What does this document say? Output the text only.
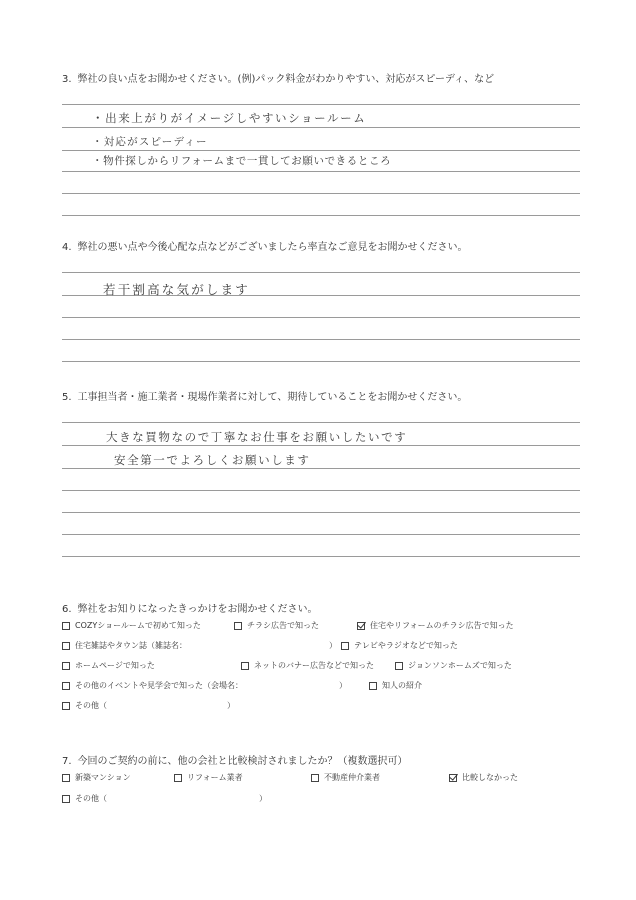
3. 弊社の良い点をお聞かせください。(例)パック料金がわかりやすい、対応がスピーディ、など
・出来上がりがイメージしやすいショールーム
・対応がスピーディー
・物件探しからリフォームまで一貫してお願いできるところ
4. 弊社の悪い点や今後心配な点などがございましたら率直なご意見をお聞かせください。
若干割高な気がします
5. 工事担当者・施工業者・現場作業者に対して、期待していることをお聞かせください。
大きな買物なので丁寧なお仕事をお願いしたいです
安全第一でよろしくお願いします
6. 弊社をお知りになったきっかけをお聞かせください。
COZYショールームで初めて知った	チラシ広告で知った	住宅やリフォームのチラシ広告で知った
住宅雑誌やタウン誌（雑誌名：	） テレビやラジオなどで知った
ホームページで知った	ネットのバナー広告などで知った	ジョンソンホームズで知った
その他のイベントや見学会で知った（会場名：	）	知人の紹介
その他（	）
7. 今回のご契約の前に、他の会社と比較検討されましたか？（複数選択可）
新築マンション	リフォーム業者	不動産仲介業者	比較しなかった
その他（	）
